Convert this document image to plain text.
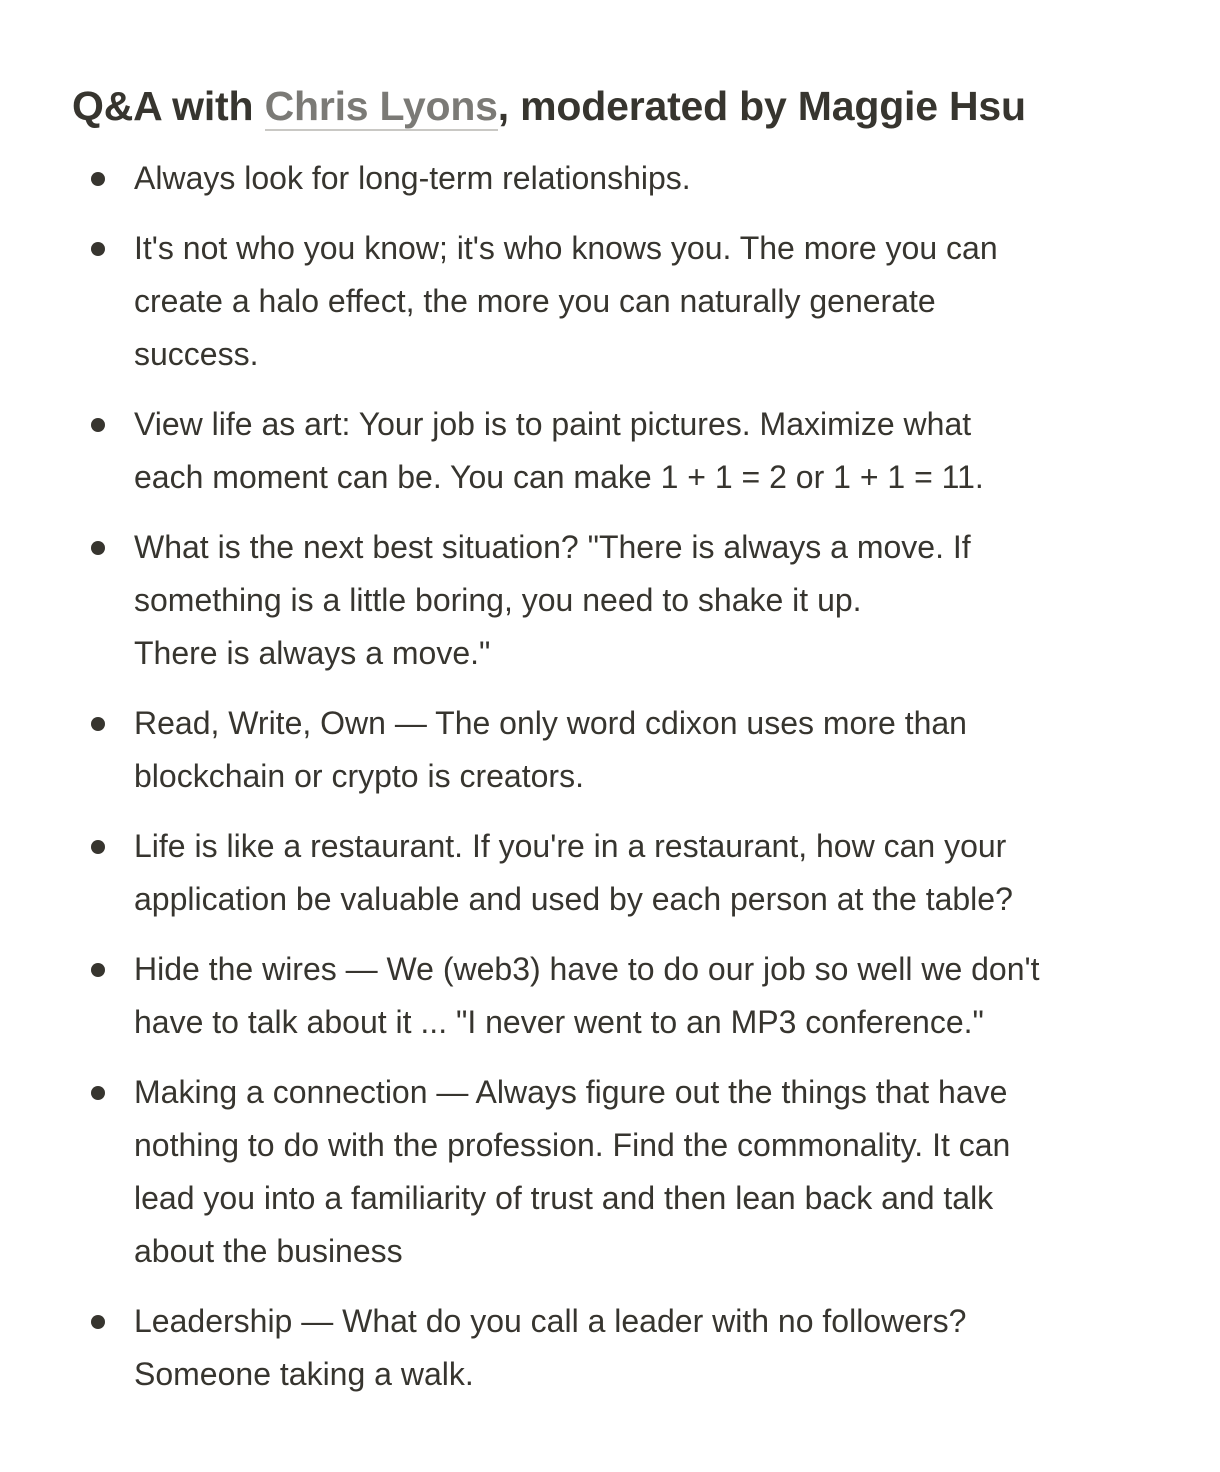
Q&A with Chris Lyons, moderated by Maggie Hsu
Always look for long-term relationships.
It's not who you know; it's who knows you. The more you can
create a halo effect, the more you can naturally generate
success.
View life as art: Your job is to paint pictures. Maximize what
each moment can be. You can make 1 + 1 = 2 or 1 + 1 = 11.
What is the next best situation? "There is always a move. If
something is a little boring, you need to shake it up.
There is always a move."
Read, Write, Own — The only word cdixon uses more than
blockchain or crypto is creators.
Life is like a restaurant. If you're in a restaurant, how can your
application be valuable and used by each person at the table?
Hide the wires — We (web3) have to do our job so well we don't
have to talk about it ... "I never went to an MP3 conference."
Making a connection — Always figure out the things that have
nothing to do with the profession. Find the commonality. It can
lead you into a familiarity of trust and then lean back and talk
about the business
Leadership — What do you call a leader with no followers?
Someone taking a walk.
